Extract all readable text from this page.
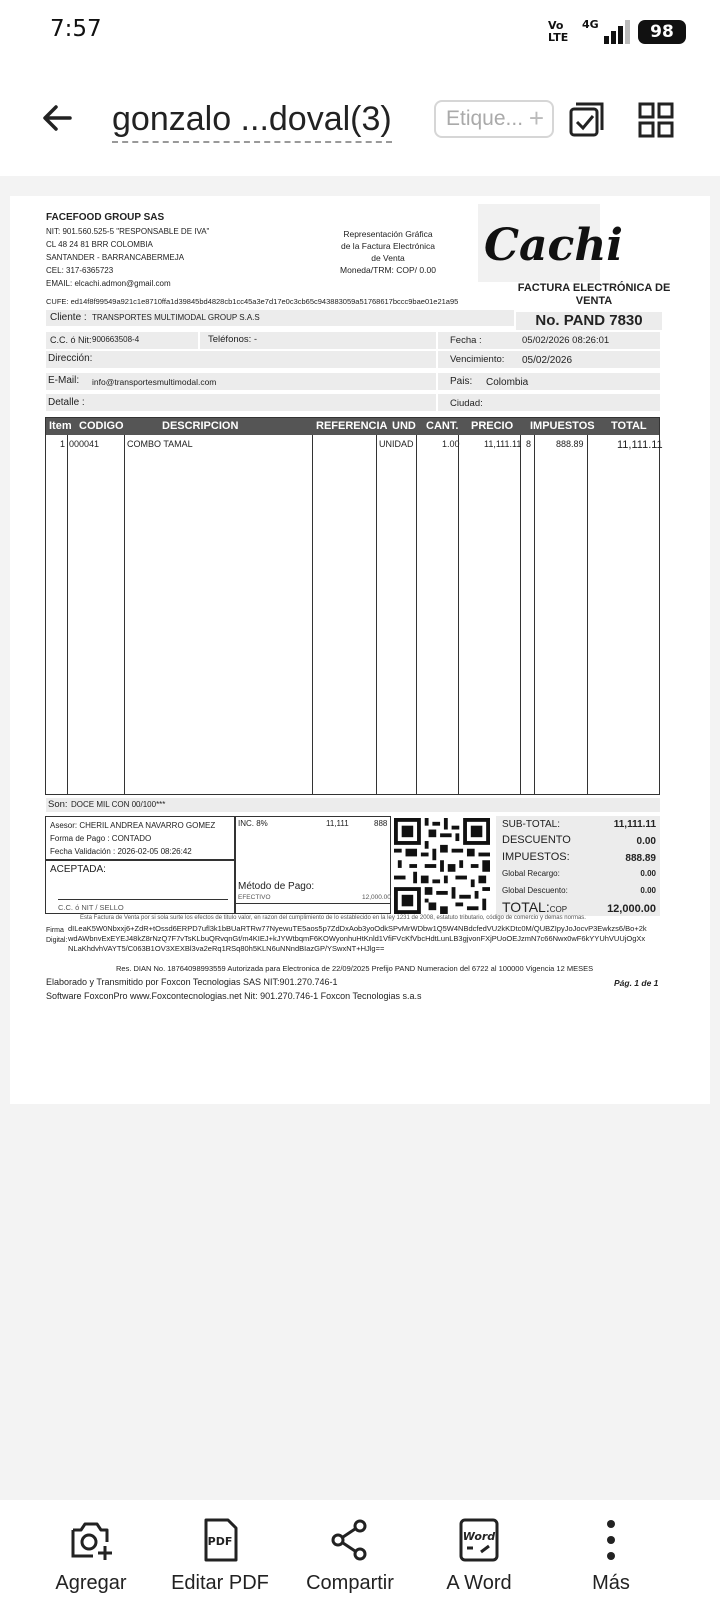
7:57	Vo
LTE
4G	98
gonzalo ...doval(3)	Etique... +
FACEFOOD GROUP SAS
NIT: 901.560.525-5 "RESPONSABLE DE IVA"
CL 48 24 81 BRR COLOMBIA
SANTANDER - BARRANCABERMEJA
CEL: 317-6365723
EMAIL: elcachi.admon@gmail.com
Representación Gráfica
de la Factura Electrónica
de Venta
Moneda/TRM: COP/ 0.00 Cachi
FACTURA ELECTRÓNICA DE VENTA
No. PAND 7830
CUFE: ed14f8f99549a921c1e8710ffa1d39845bd4828cb1cc45a3e7d17e0c3cb65c943883059a51768617bccc9bae01e21a95
Cliente : TRANSPORTES MULTIMODAL GROUP S.A.S
C.C. ó Nit: 900663508-4	Teléfonos: -	Fecha :	05/02/2026 08:26:01
Dirección:	Vencimiento: 05/02/2026
E-Mail: info@transportesmultimodal.com	Pais: Colombia
Detalle :	Ciudad:
Item CODIGO	DESCRIPCION	REFERENCIA UND CANT. PRECIO IMPUESTOS TOTAL
1 000041	COMBO TAMAL	UNIDAD	1.00	11,111.11 8	888.89	11,111.11
Son: DOCE MIL CON 00/100***
Asesor: CHERIL ANDREA NAVARRO GOMEZ
Forma de Pago : CONTADO
Fecha Validación : 2026-02-05 08:26:42
ACEPTADA:
C.C. ó NIT / SELLO
INC. 8%	11,111	888
Método de Pago:
EFECTIVO	12,000.00
SUB-TOTAL:	11,111.11
DESCUENTO	0.00
IMPUESTOS:	888.89
Global Recargo:	0.00
Global Descuento:	0.00
TOTAL:COP	12,000.00
Esta Factura de Venta por si sola surte los efectos de titulo valor, en razon del cumplimiento de lo establecido en la ley 1231 de 2008, estatuto tributario, código de comercio y demas normas.
Firma Digital:
dILeaK5W0Nbxxj6+ZdR+tOssd6ERPD7ufl3k1bBUaRTRw77NyewuTE5aos5p7ZdDxAob3yoOdkSPvMrWDbw1Q5W4NBdcfedVU2kKDtc0M/QUBZIpyJoJocvP3Ewkzs6/Bo+2k
wdAWbnvExEYEJ48kZ8rNzQ7F7vTsKLbuQRvqnGt/m4KIEJ+kJYWtbqmF6KOWyonhuHtKnld1VfiFVcKfVbcHdtLunLB3gjvonFXjPUoOEJzmN7c66Nwx0wF6kYYUhVUUjOgXx
NLaKhdvhVAYT5/C063B1OV3XEXBl3va2eRq1RSq80h5KLN6uNNndBIazGP/YSwxNT+HJlg==
Res. DIAN No. 18764098993559 Autorizada para Electronica de 22/09/2025 Prefijo PAND Numeracion del 6722 al 100000 Vigencia 12 MESES
Elaborado y Transmitido por Foxcon Tecnologias SAS NIT:901.270.746-1
Software FoxconPro www.Foxcontecnologias.net Nit: 901.270.746-1 Foxcon Tecnologias s.a.s
Pág. 1 de 1
Agregar
PDF
Editar PDF	Compartir
Word
A Word	Más
